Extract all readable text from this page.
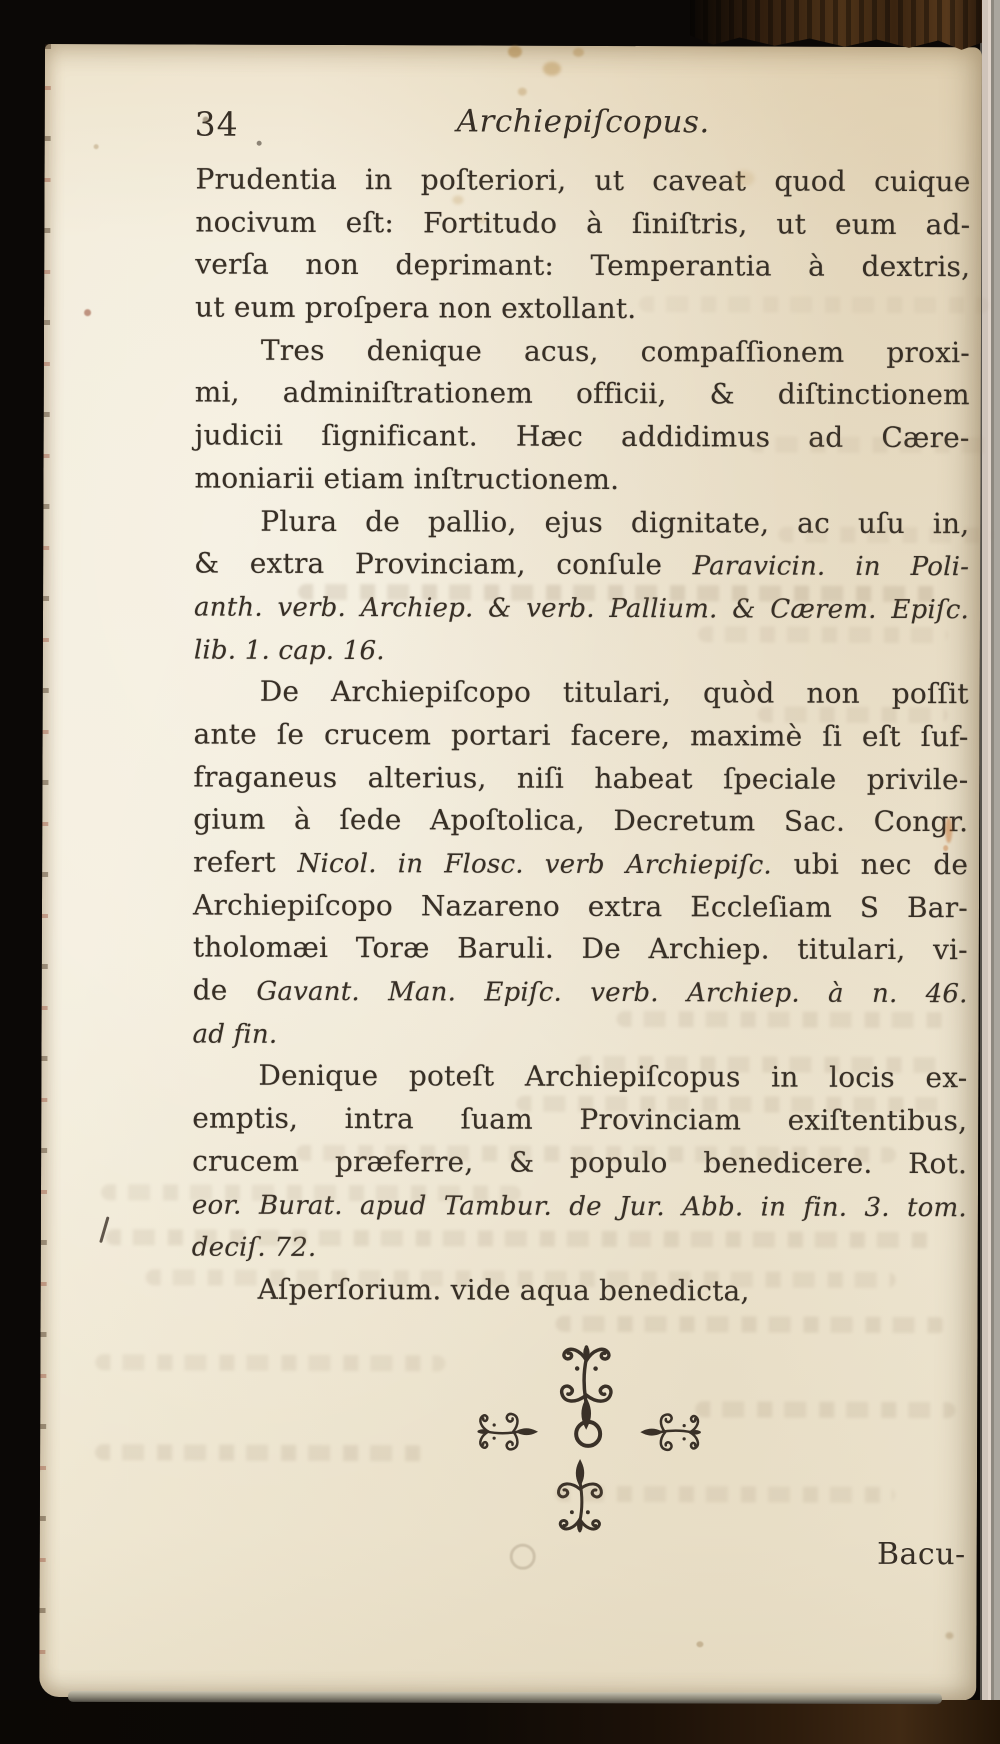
34	Archiepiſcopus.
Prudentia in poſteriori, ut caveat quod cuique
nocivum eſt: Fortitudo à ſiniſtris, ut eum ad-
verſa non deprimant: Temperantia à dextris,
ut eum proſpera non extollant.
Tres denique acus, compaſſionem proxi-
mi, adminiſtrationem officii, & diſtinctionem
judicii ſignificant. Hæc addidimus ad Cære-
moniarii etiam inſtructionem.
Plura de pallio, ejus dignitate, ac uſu in,
& extra Provinciam, conſule Paravicin. in Poli-
anth. verb. Archiep. & verb. Pallium. & Cærem. Epiſc.
lib. 1. cap. 16.
De Archiepiſcopo titulari, quòd non poſſit
ante ſe crucem portari facere, maximè ſi eſt ſuf-
fraganeus alterius, niſi habeat ſpeciale privile-
gium à ſede Apoſtolica, Decretum Sac. Congr.
refert Nicol. in Flosc. verb Archiepiſc. ubi nec de
Archiepiſcopo Nazareno extra Eccleſiam S Bar-
tholomæi Toræ Baruli. De Archiep. titulari, vi-
de Gavant. Man. Epiſc. verb. Archiep. à n. 46.
ad fin.
Denique poteſt Archiepiſcopus in locis ex-
emptis, intra ſuam Provinciam exiſtentibus,
crucem præferre, & populo benedicere. Rot.
eor. Burat. apud Tambur. de Jur. Abb. in fin. 3. tom.
deciſ. 72.
Aſperſorium. vide aqua benedicta,
Bacu-
